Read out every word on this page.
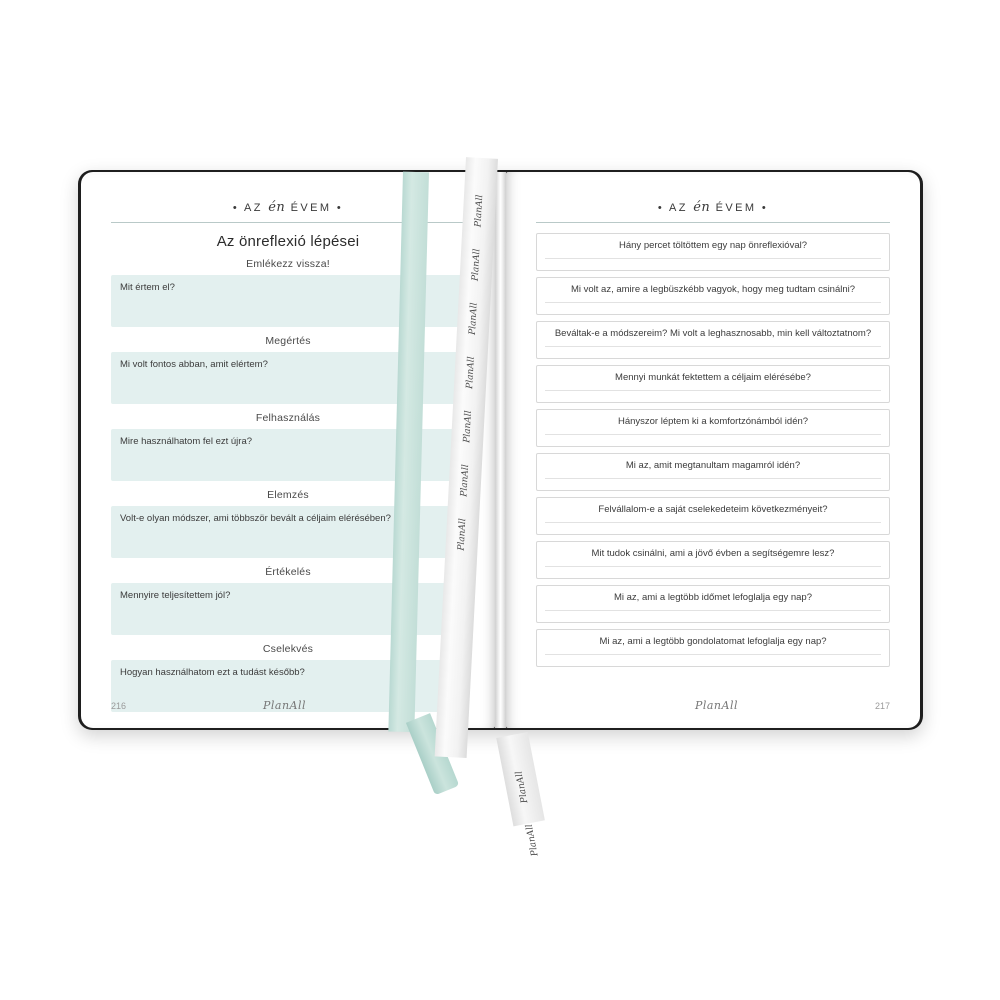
• AZ én ÉVEM •
Az önreflexió lépései
Emlékezz vissza!
Mit értem el?
Megértés
Mi volt fontos abban, amit elértem?
Felhasználás
Mire használhatom fel ezt újra?
Elemzés
Volt-e olyan módszer, ami többször bevált a céljaim elérésében?
Értékelés
Mennyire teljesítettem jól?
Cselekvés
Hogyan használhatom ezt a tudást később?
216	PlanAll
• AZ én ÉVEM •
Hány percet töltöttem egy nap önreflexióval?
Mi volt az, amire a legbüszkébb vagyok, hogy meg tudtam csinálni?
Beváltak-e a módszereim? Mi volt a leghasznosabb, min kell változtatnom?
Mennyi munkát fektettem a céljaim elérésébe?
Hányszor léptem ki a komfortzónámból idén?
Mi az, amit megtanultam magamról idén?
Felvállalom-e a saját cselekedeteim következményeit?
Mit tudok csinálni, ami a jövő évben a segítségemre lesz?
Mi az, ami a legtöbb időmet lefoglalja egy nap?
Mi az, ami a legtöbb gondolatomat lefoglalja egy nap?
PlanAll	217
PlanAll
PlanAll
PlanAll
PlanAll
PlanAll
PlanAll
PlanAll
PlanAll
PlanAll
